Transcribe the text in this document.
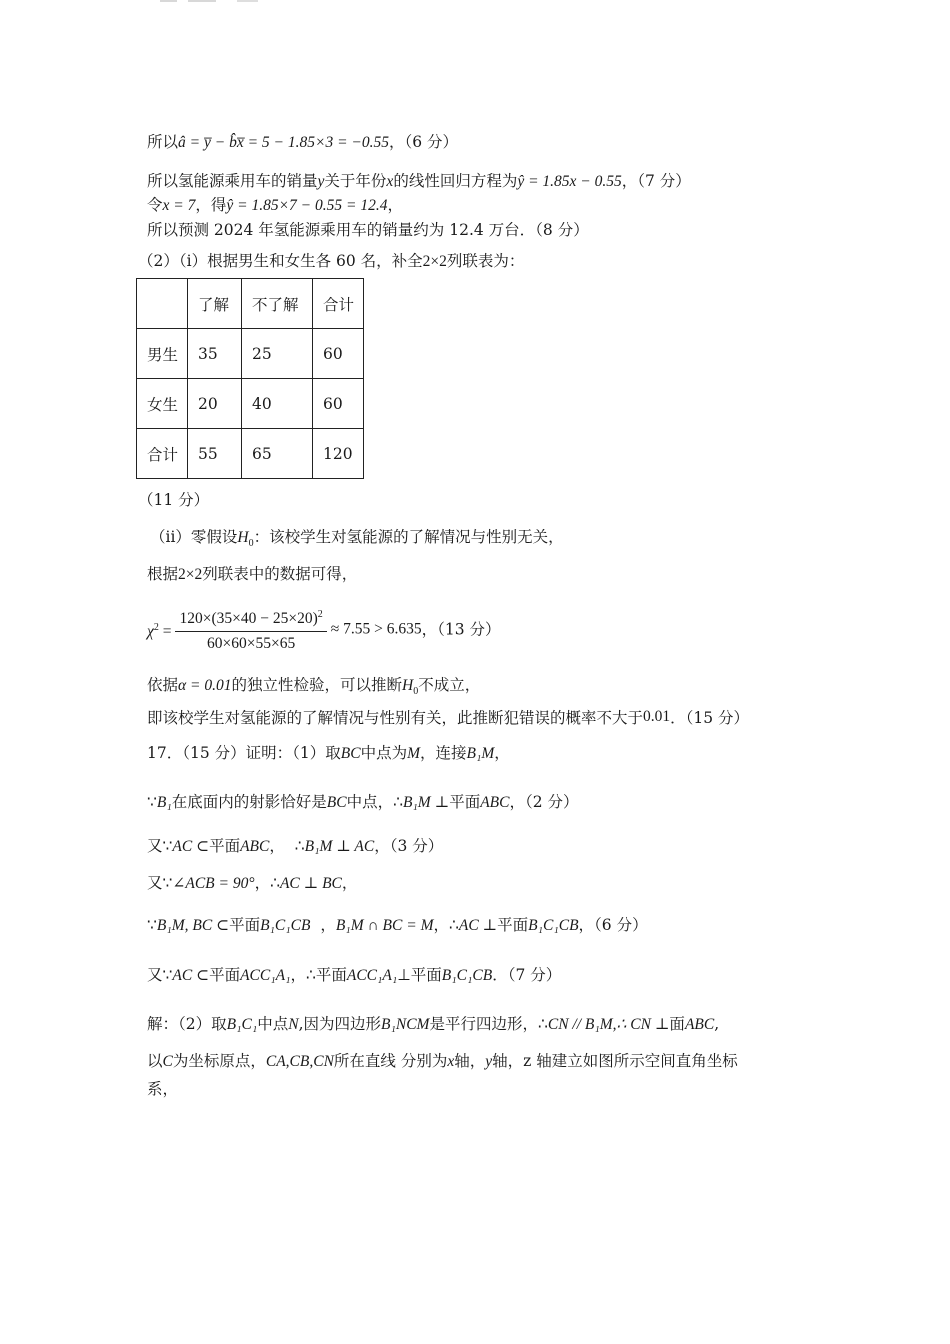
所以â = y̅ − b̂x̅ = 5 − 1.85×3 = −0.55，（6 分）
所以氢能源乘用车的销量y关于年份x的线性回归方程为ŷ = 1.85x − 0.55，（7 分）
令x = 7，得ŷ = 1.85×7 − 0.55 = 12.4，
所以预测 2024 年氢能源乘用车的销量约为 12.4 万台．（8 分）
（2）（i）根据男生和女生各 60 名，补全2×2列联表为：
	了解	不了解	合计
男生	35	25	60
女生	20	40	60
合计	55	65	120
（11 分）
（ii）零假设$H_0$：该校学生对氢能源的了解情况与性别无关，
根据2×2列联表中的数据可得，
$\chi^2 = \frac{120\times(35\times 40 - 25\times 20)^2}{60\times 60\times 55\times 65} \approx 7.55 > 6.635$，（13 分）
依据α = 0.01的独立性检验，可以推断$H_0$不成立，
即该校学生对氢能源的了解情况与性别有关，此推断犯错误的概率不大于0.01．（15 分）
17．（15 分）证明：（1）取BC中点为M，连接B₁M，
∵B₁在底面内的射影恰好是BC中点，∴B₁M ⊥平面ABC，（2 分）
又∵AC ⊂平面ABC， ∴B₁M ⊥ AC，（3 分）
又∵∠ACB = 90°，∴AC ⊥ BC，
∵B₁M, BC ⊂平面B₁C₁CB ，B₁M ∩ BC = M，∴AC ⊥平面B₁C₁CB，（6 分）
又∵AC ⊂平面ACC₁A₁，∴平面ACC₁A₁⊥平面B₁C₁CB．（7 分）
解：（2）取B₁C₁中点N,因为四边形B₁NCM是平行四边形，∴CN // B₁M,∴ CN ⊥面ABC,
以C为坐标原点，CA,CB,CN所在直线 分别为x轴，y轴，z 轴建立如图所示空间直角坐标
系，
